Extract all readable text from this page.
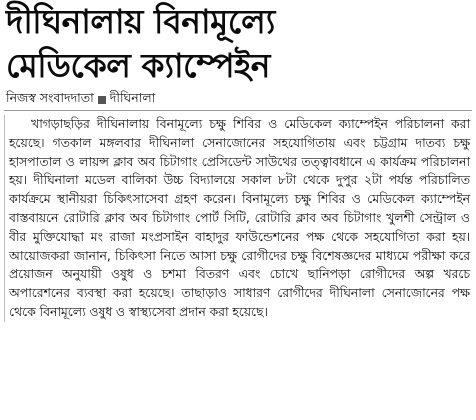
দীঘিনালায় বিনামূল্যে
মেডিকেল ক্যাম্পেইন
নিজস্ব সংবাদদাতা দীঘিনালা

খাগড়াছড়ির দীঘিনালায় বিনামূল্যে চক্ষু শিবির ও মেডিকেল ক্যাম্পেইন পরিচালনা করা হয়েছে। গতকাল মঙ্গলবার দীঘিনালা সেনাজোনের সহযোগিতায় এবং চট্টগ্রাম দাতব্য চক্ষু হাসপাতাল ও লায়ন্স ক্লাব অব চিটাগাং প্রেসিডেন্ট সাউথের তত্ত্বাবধানে এ কার্যক্রম পরিচালনা হয়। দীঘিনালা মডেল বালিকা উচ্চ বিদ্যালয়ে সকাল ৮টা থেকে দুপুর ২টা পর্যন্ত পরিচালিত কার্যক্রমে স্থানীয়রা চিকিৎসাসেবা গ্রহণ করেন। বিনামূল্যে চক্ষু শিবির ও মেডিকেল ক্যাম্পেইন বাস্তবায়নে রোটারি ক্লাব অব চিটাগাং পোর্ট সিটি, রোটারি ক্লাব অব চিটাগাং খুলশী সেন্ট্রাল ও বীর মুক্তিযোদ্ধা মং রাজা মংপ্রসাইন বাহাদুর ফাউন্ডেশনের পক্ষ থেকে সহযোগিতা করা হয়। আয়োজকরা জানান, চিকিৎসা নিতে আসা চক্ষু রোগীদের চক্ষু বিশেষজ্ঞদের মাধ্যমে পরীক্ষা করে প্রয়োজন অনুযায়ী ওষুধ ও চশমা বিতরণ এবং চোখে ছানিপড়া রোগীদের অল্প খরচে অপারেশনের ব্যবস্থা করা হয়েছে। তাছাড়াও সাধারণ রোগীদের দীঘিনালা সেনাজোনের পক্ষ থেকে বিনামূল্যে ওষুধ ও স্বাস্থ্যসেবা প্রদান করা হয়েছে।
